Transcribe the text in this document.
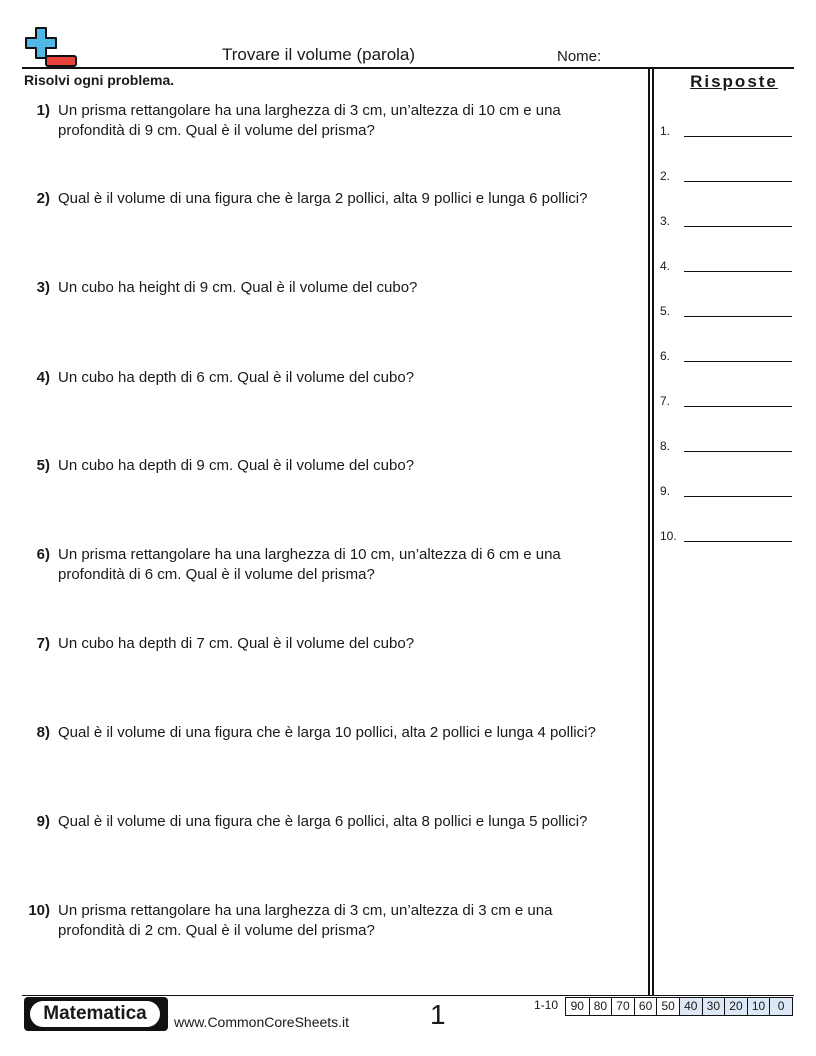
Trovare il volume (parola)	Nome:
Risolvi ogni problema.	Risposte
1.
2.
3.
4.
5.
6.
7.
8.
9.
10.
1) Un prisma rettangolare ha una larghezza di 3 cm, un’altezza di 10 cm e una
profondità di 9 cm. Qual è il volume del prisma?
2) Qual è il volume di una figura che è larga 2 pollici, alta 9 pollici e lunga 6 pollici?
3) Un cubo ha height di 9 cm. Qual è il volume del cubo?
4) Un cubo ha depth di 6 cm. Qual è il volume del cubo?
5) Un cubo ha depth di 9 cm. Qual è il volume del cubo?
6) Un prisma rettangolare ha una larghezza di 10 cm, un’altezza di 6 cm e una
profondità di 6 cm. Qual è il volume del prisma?
7) Un cubo ha depth di 7 cm. Qual è il volume del cubo?
8) Qual è il volume di una figura che è larga 10 pollici, alta 2 pollici e lunga 4 pollici?
9) Qual è il volume di una figura che è larga 6 pollici, alta 8 pollici e lunga 5 pollici?
10) Un prisma rettangolare ha una larghezza di 3 cm, un’altezza di 3 cm e una
profondità di 2 cm. Qual è il volume del prisma?
Matematica	www.CommonCoreSheets.it	1	1-10	90 80 70 60 50 40 30 20 10	0
